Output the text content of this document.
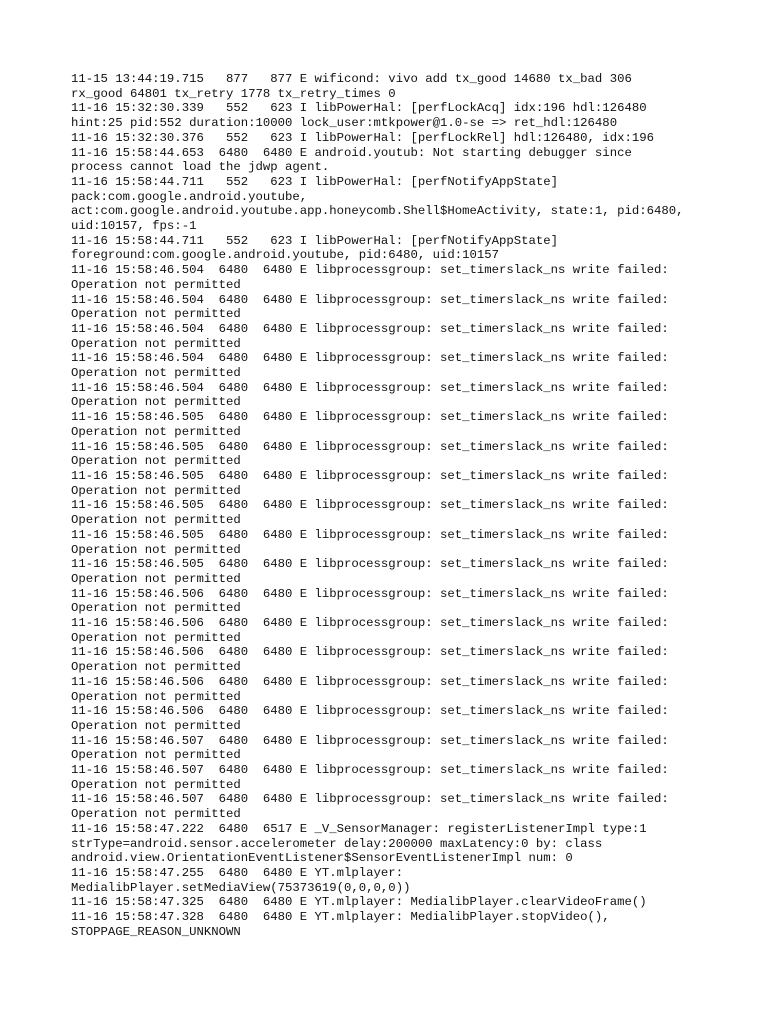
11-15 13:44:19.715   877   877 E wificond: vivo add tx_good 14680 tx_bad 306
rx_good 64801 tx_retry 1778 tx_retry_times 0
11-16 15:32:30.339   552   623 I libPowerHal: [perfLockAcq] idx:196 hdl:126480
hint:25 pid:552 duration:10000 lock_user:mtkpower@1.0-se => ret_hdl:126480
11-16 15:32:30.376   552   623 I libPowerHal: [perfLockRel] hdl:126480, idx:196
11-16 15:58:44.653  6480  6480 E android.youtub: Not starting debugger since
process cannot load the jdwp agent.
11-16 15:58:44.711   552   623 I libPowerHal: [perfNotifyAppState]
pack:com.google.android.youtube,
act:com.google.android.youtube.app.honeycomb.Shell$HomeActivity, state:1, pid:6480,
uid:10157, fps:-1
11-16 15:58:44.711   552   623 I libPowerHal: [perfNotifyAppState]
foreground:com.google.android.youtube, pid:6480, uid:10157
11-16 15:58:46.504  6480  6480 E libprocessgroup: set_timerslack_ns write failed:
Operation not permitted
11-16 15:58:46.504  6480  6480 E libprocessgroup: set_timerslack_ns write failed:
Operation not permitted
11-16 15:58:46.504  6480  6480 E libprocessgroup: set_timerslack_ns write failed:
Operation not permitted
11-16 15:58:46.504  6480  6480 E libprocessgroup: set_timerslack_ns write failed:
Operation not permitted
11-16 15:58:46.504  6480  6480 E libprocessgroup: set_timerslack_ns write failed:
Operation not permitted
11-16 15:58:46.505  6480  6480 E libprocessgroup: set_timerslack_ns write failed:
Operation not permitted
11-16 15:58:46.505  6480  6480 E libprocessgroup: set_timerslack_ns write failed:
Operation not permitted
11-16 15:58:46.505  6480  6480 E libprocessgroup: set_timerslack_ns write failed:
Operation not permitted
11-16 15:58:46.505  6480  6480 E libprocessgroup: set_timerslack_ns write failed:
Operation not permitted
11-16 15:58:46.505  6480  6480 E libprocessgroup: set_timerslack_ns write failed:
Operation not permitted
11-16 15:58:46.505  6480  6480 E libprocessgroup: set_timerslack_ns write failed:
Operation not permitted
11-16 15:58:46.506  6480  6480 E libprocessgroup: set_timerslack_ns write failed:
Operation not permitted
11-16 15:58:46.506  6480  6480 E libprocessgroup: set_timerslack_ns write failed:
Operation not permitted
11-16 15:58:46.506  6480  6480 E libprocessgroup: set_timerslack_ns write failed:
Operation not permitted
11-16 15:58:46.506  6480  6480 E libprocessgroup: set_timerslack_ns write failed:
Operation not permitted
11-16 15:58:46.506  6480  6480 E libprocessgroup: set_timerslack_ns write failed:
Operation not permitted
11-16 15:58:46.507  6480  6480 E libprocessgroup: set_timerslack_ns write failed:
Operation not permitted
11-16 15:58:46.507  6480  6480 E libprocessgroup: set_timerslack_ns write failed:
Operation not permitted
11-16 15:58:46.507  6480  6480 E libprocessgroup: set_timerslack_ns write failed:
Operation not permitted
11-16 15:58:47.222  6480  6517 E _V_SensorManager: registerListenerImpl type:1
strType=android.sensor.accelerometer delay:200000 maxLatency:0 by: class
android.view.OrientationEventListener$SensorEventListenerImpl num: 0
11-16 15:58:47.255  6480  6480 E YT.mlplayer:
MedialibPlayer.setMediaView(75373619(0,0,0,0))
11-16 15:58:47.325  6480  6480 E YT.mlplayer: MedialibPlayer.clearVideoFrame()
11-16 15:58:47.328  6480  6480 E YT.mlplayer: MedialibPlayer.stopVideo(),
STOPPAGE_REASON_UNKNOWN
